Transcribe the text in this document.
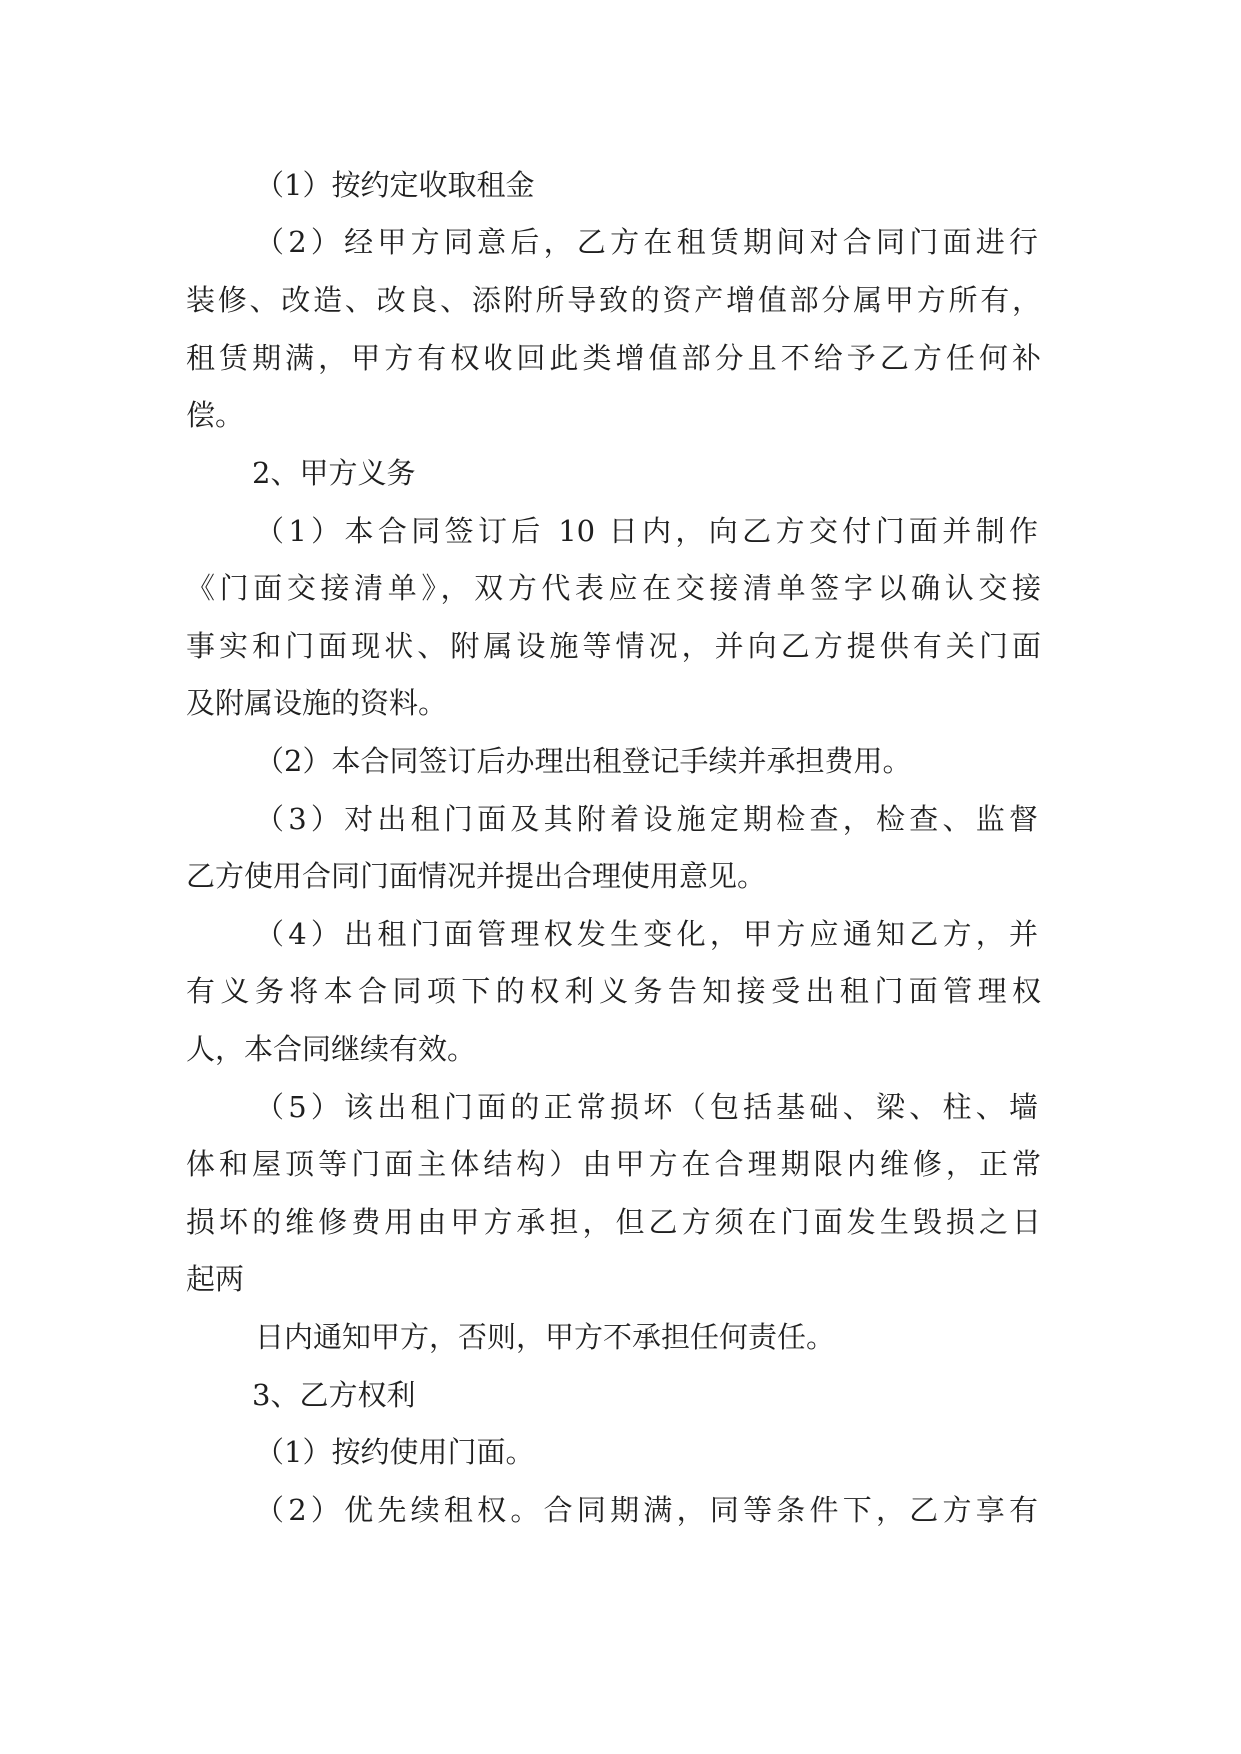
（1）按约定收取租金

（2）经甲方同意后，乙方在租赁期间对合同门面进行

装修、改造、改良、添附所导致的资产增值部分属甲方所有，

租赁期满，甲方有权收回此类增值部分且不给予乙方任何补

偿。

2、甲方义务

（1）本合同签订后 10 日内，向乙方交付门面并制作

《门面交接清单》，双方代表应在交接清单签字以确认交接

事实和门面现状、附属设施等情况，并向乙方提供有关门面

及附属设施的资料。

（2）本合同签订后办理出租登记手续并承担费用。

（3）对出租门面及其附着设施定期检查，检查、监督

乙方使用合同门面情况并提出合理使用意见。

（4）出租门面管理权发生变化，甲方应通知乙方，并

有义务将本合同项下的权利义务告知接受出租门面管理权

人，本合同继续有效。

（5）该出租门面的正常损坏（包括基础、梁、柱、墙

体和屋顶等门面主体结构）由甲方在合理期限内维修，正常

损坏的维修费用由甲方承担，但乙方须在门面发生毁损之日

起两

日内通知甲方，否则，甲方不承担任何责任。

3、乙方权利

（1）按约使用门面。

（2）优先续租权。合同期满，同等条件下，乙方享有
